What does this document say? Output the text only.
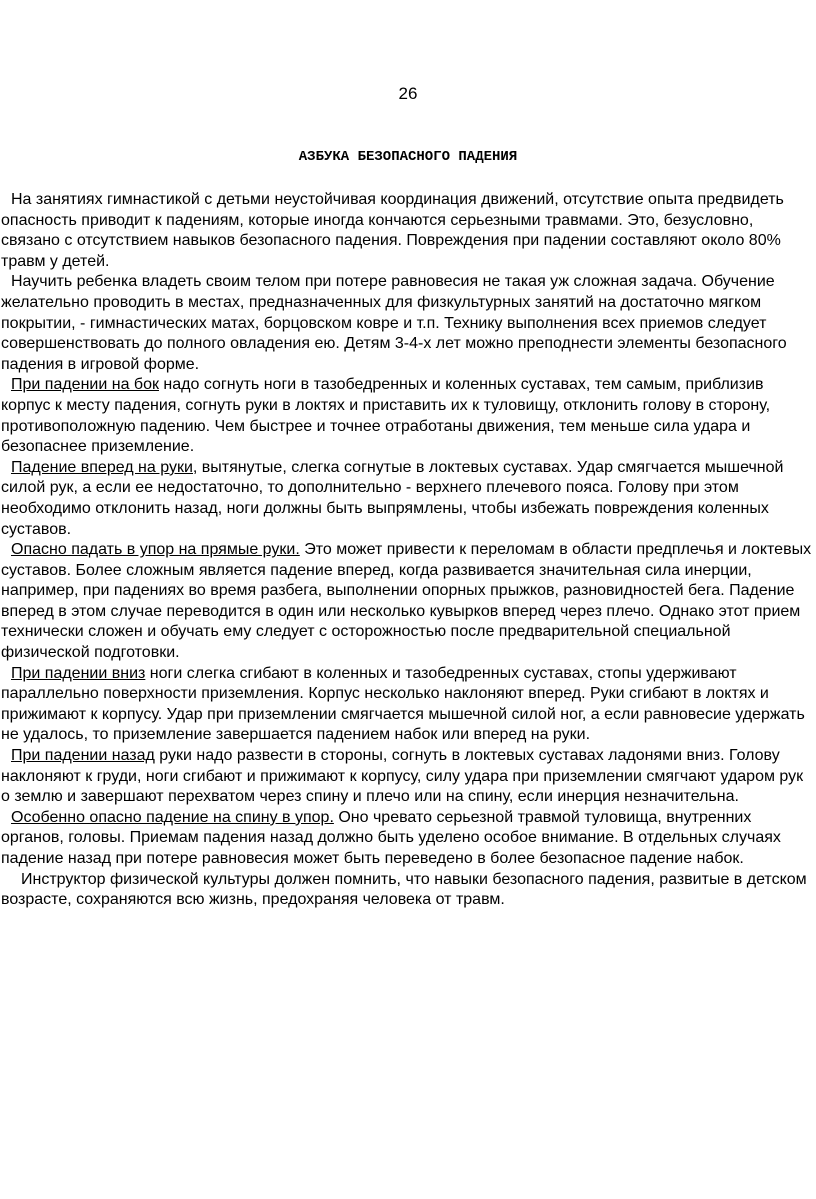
26
АЗБУКА БЕЗОПАСНОГО ПАДЕНИЯ

На занятиях гимнастикой с детьми неустойчивая координация движений, отсутствие опыта предвидеть опасность приводит к падениям, которые иногда кончаются серьезными травмами. Это, безусловно, связано с отсутствием навыков безопасного падения. Повреждения при падении составляют около 80% травм у детей.

Научить ребенка владеть своим телом при потере равновесия не такая уж сложная задача. Обучение желательно проводить в местах, предназначенных для физкультурных занятий на достаточно мягком покрытии, - гимнастических матах, борцовском ковре и т.п. Технику выполнения всех приемов следует совершенствовать до полного овладения ею. Детям 3-4-х лет можно преподнести элементы безопасного падения в игровой форме.

При падении на бок надо согнуть ноги в тазобедренных и коленных суставах, тем самым, приблизив корпус к месту падения, согнуть руки в локтях и приставить их к туловищу, отклонить голову в сторону, противоположную падению. Чем быстрее и точнее отработаны движения, тем меньше сила удара и безопаснее приземление.

Падение вперед на руки, вытянутые, слегка согнутые в локтевых суставах. Удар смягчается мышечной силой рук, а если ее недостаточно, то дополнительно - верхнего плечевого пояса. Голову при этом необходимо отклонить назад, ноги должны быть выпрямлены, чтобы избежать повреждения коленных суставов.

Опасно падать в упор на прямые руки. Это может привести к переломам в области предплечья и локтевых суставов. Более сложным является падение вперед, когда развивается значительная сила инерции, например, при падениях во время разбега, выполнении опорных прыжков, разновидностей бега. Падение вперед в этом случае переводится в один или несколько кувырков вперед через плечо. Однако этот прием технически сложен и обучать ему следует с осторожностью после предварительной специальной физической подготовки.

При падении вниз ноги слегка сгибают в коленных и тазобедренных суставах, стопы удерживают параллельно поверхности приземления. Корпус несколько наклоняют вперед. Руки сгибают в локтях и прижимают к корпусу. Удар при приземлении смягчается мышечной силой ног, а если равновесие удержать не удалось, то приземление завершается падением набок или вперед на руки.

При падении назад руки надо развести в стороны, согнуть в локтевых суставах ладонями вниз. Голову наклоняют к груди, ноги сгибают и прижимают к корпусу, силу удара при приземлении смягчают ударом рук о землю и завершают перехватом через спину и плечо или на спину, если инерция незначительна.

Особенно опасно падение на спину в упор. Оно чревато серьезной травмой туловища, внутренних органов, головы. Приемам падения назад должно быть уделено особое внимание. В отдельных случаях падение назад при потере равновесия может быть переведено в более безопасное падение набок.

Инструктор физической культуры должен помнить, что навыки безопасного падения, развитые в детском возрасте, сохраняются всю жизнь, предохраняя человека от травм.
